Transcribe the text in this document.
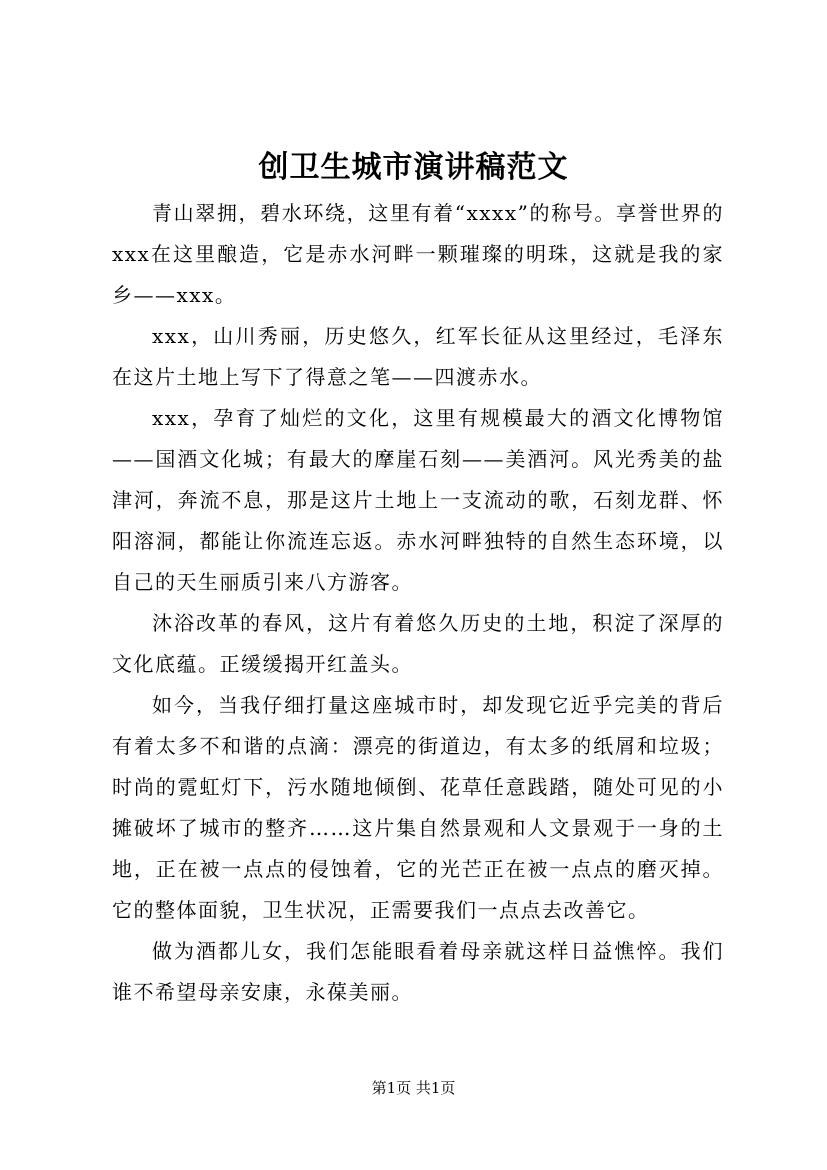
创卫生城市演讲稿范文

青山翠拥，碧水环绕，这里有着“xxxx”的称号。享誉世界的xxx在这里酿造，它是赤水河畔一颗璀璨的明珠，这就是我的家乡——xxx。

xxx，山川秀丽，历史悠久，红军长征从这里经过，毛泽东在这片土地上写下了得意之笔——四渡赤水。

xxx，孕育了灿烂的文化，这里有规模最大的酒文化博物馆——国酒文化城；有最大的摩崖石刻——美酒河。风光秀美的盐津河，奔流不息，那是这片土地上一支流动的歌，石刻龙群、怀阳溶洞，都能让你流连忘返。赤水河畔独特的自然生态环境，以自己的天生丽质引来八方游客。

沐浴改革的春风，这片有着悠久历史的土地，积淀了深厚的文化底蕴。正缓缓揭开红盖头。

如今，当我仔细打量这座城市时，却发现它近乎完美的背后有着太多不和谐的点滴：漂亮的街道边，有太多的纸屑和垃圾；时尚的霓虹灯下，污水随地倾倒、花草任意践踏，随处可见的小摊破坏了城市的整齐……这片集自然景观和人文景观于一身的土地，正在被一点点的侵蚀着，它的光芒正在被一点点的磨灭掉。它的整体面貌，卫生状况，正需要我们一点点去改善它。

做为酒都儿女，我们怎能眼看着母亲就这样日益憔悴。我们谁不希望母亲安康，永葆美丽。

第1页 共1页
